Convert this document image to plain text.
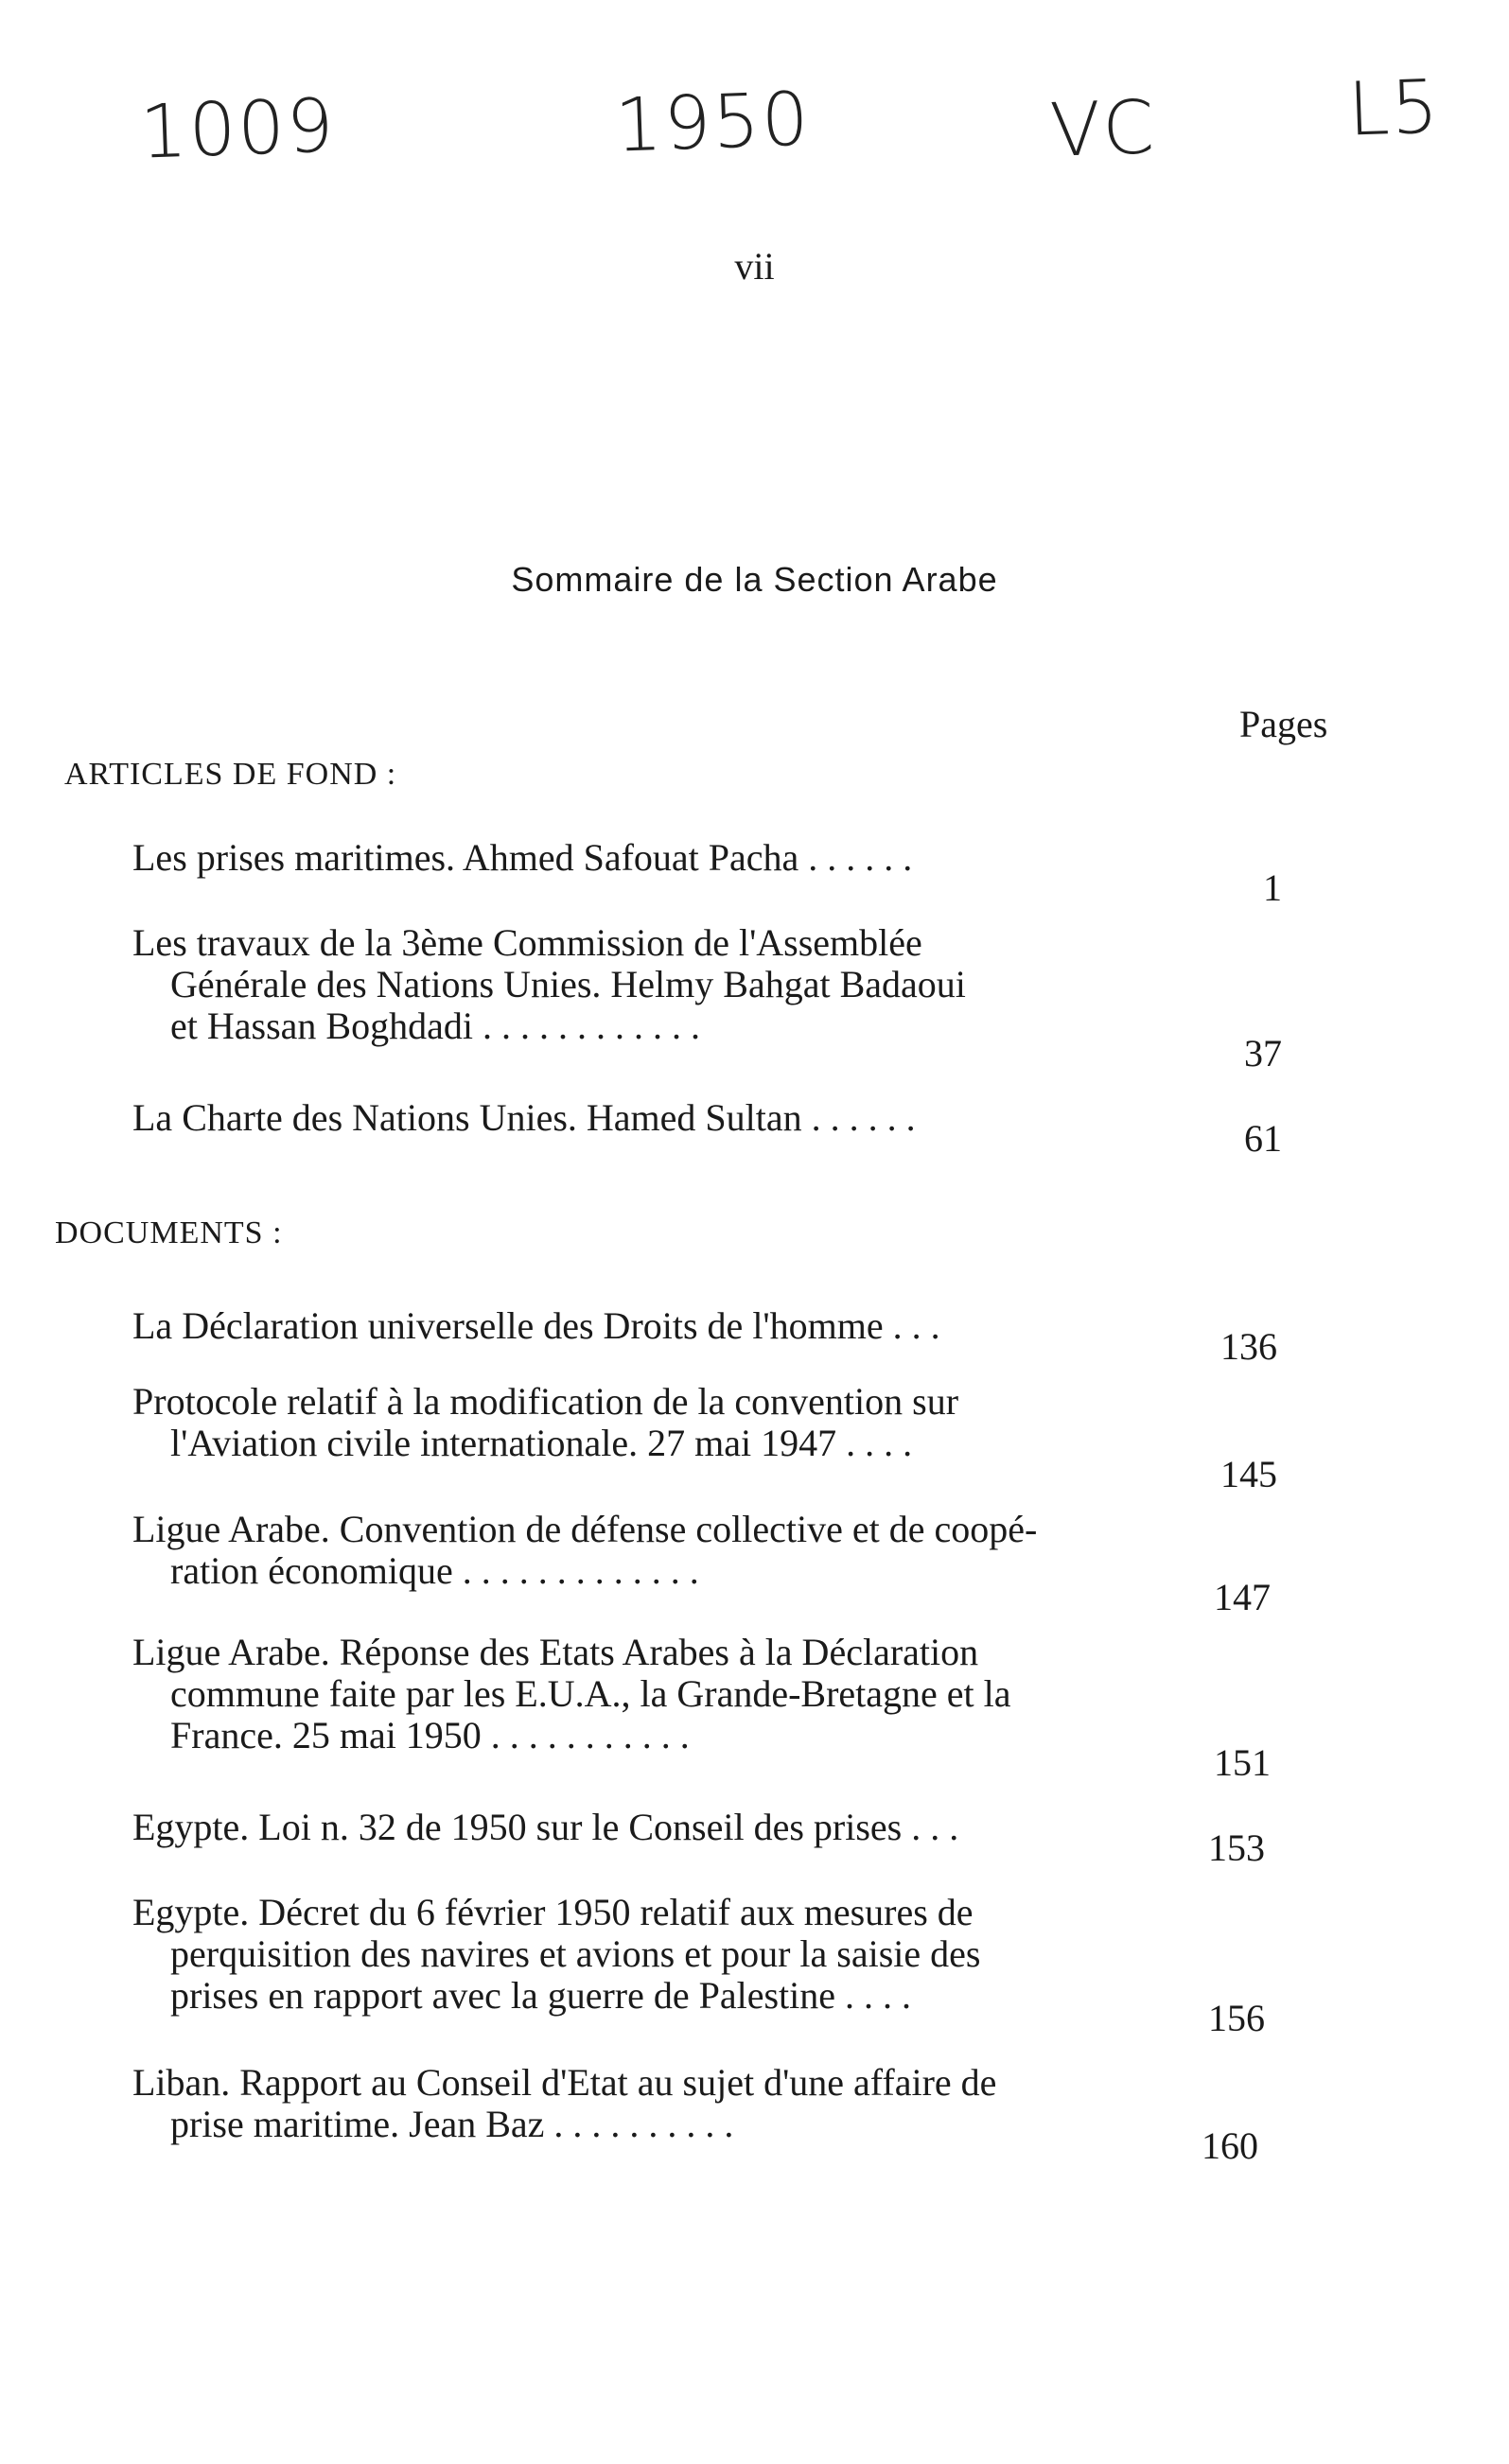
1009	1950	VC	L5
vii
Sommaire de la Section Arabe
Pages
ARTICLES DE FOND :
Les prises maritimes. Ahmed Safouat Pacha . . . . . .
1
Les travaux de la 3ème Commission de l'Assemblée
Générale des Nations Unies. Helmy Bahgat Badaoui
et Hassan Boghdadi . . . . . . . . . . . .
37
La Charte des Nations Unies. Hamed Sultan . . . . . .	61
DOCUMENTS :
La Déclaration universelle des Droits de l'homme . . .	136
Protocole relatif à la modification de la convention sur
l'Aviation civile internationale. 27 mai 1947 . . . .
145
Ligue Arabe. Convention de défense collective et de coopé-
ration économique . . . . . . . . . . . . .
147
Ligue Arabe. Réponse des Etats Arabes à la Déclaration
commune faite par les E.U.A., la Grande-Bretagne et la
France. 25 mai 1950 . . . . . . . . . . .
151
Egypte. Loi n. 32 de 1950 sur le Conseil des prises . . .	153
Egypte. Décret du 6 février 1950 relatif aux mesures de
perquisition des navires et avions et pour la saisie des
prises en rapport avec la guerre de Palestine . . . .
156
Liban. Rapport au Conseil d'Etat au sujet d'une affaire de
prise maritime. Jean Baz . . . . . . . . . .
160
